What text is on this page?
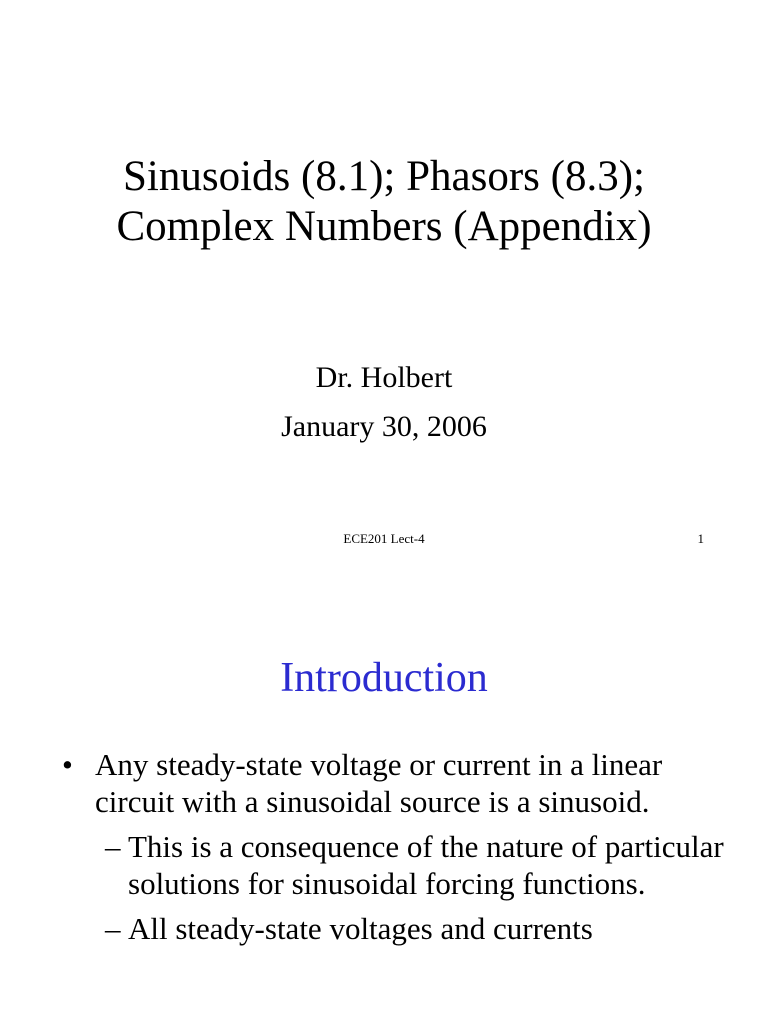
Sinusoids (8.1); Phasors (8.3);
Complex Numbers (Appendix)
Dr. Holbert
January 30, 2006
ECE201 Lect-4	1
Introduction
• Any steady-state voltage or current in a linear circuit with a sinusoidal source is a sinusoid.
– This is a consequence of the nature of particular solutions for sinusoidal forcing functions.
– All steady-state voltages and currents
